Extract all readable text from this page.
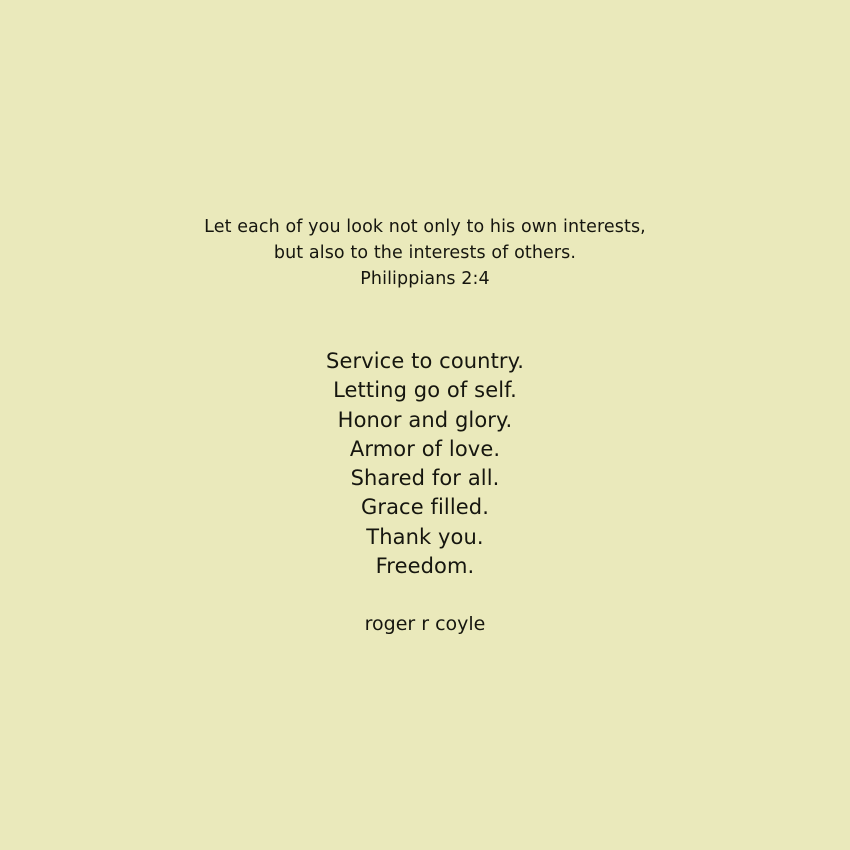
Let each of you look not only to his own interests,
but also to the interests of others.
Philippians 2:4
Service to country.
Letting go of self.
Honor and glory.
Armor of love.
Shared for all.
Grace filled.
Thank you.
Freedom.
roger r coyle
